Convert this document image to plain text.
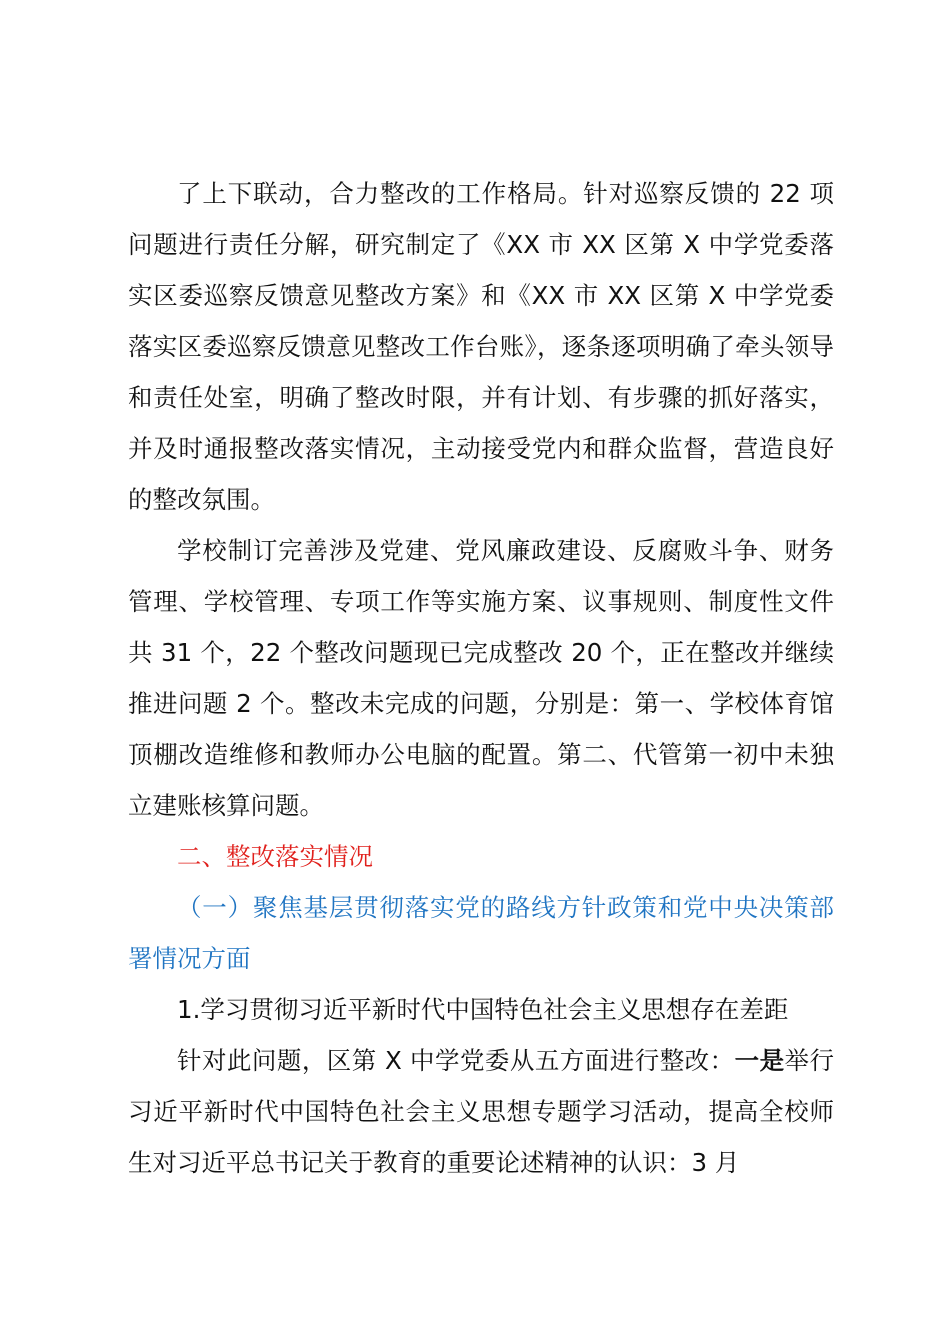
了上下联动，合力整改的工作格局。针对巡察反馈的 22 项问题进行责任分解，研究制定了《XX 市 XX 区第 X 中学党委落实区委巡察反馈意见整改方案》和《XX 市 XX 区第 X 中学党委落实区委巡察反馈意见整改工作台账》，逐条逐项明确了牵头领导和责任处室，明确了整改时限，并有计划、有步骤的抓好落实，并及时通报整改落实情况，主动接受党内和群众监督，营造良好的整改氛围。

学校制订完善涉及党建、党风廉政建设、反腐败斗争、财务管理、学校管理、专项工作等实施方案、议事规则、制度性文件共 31 个，22 个整改问题现已完成整改 20 个，正在整改并继续推进问题 2 个。整改未完成的问题，分别是：第一、学校体育馆顶棚改造维修和教师办公电脑的配置。第二、代管第一初中未独立建账核算问题。

二、整改落实情况

（一）聚焦基层贯彻落实党的路线方针政策和党中央决策部署情况方面

1.学习贯彻习近平新时代中国特色社会主义思想存在差距

针对此问题，区第 X 中学党委从五方面进行整改：一是举行习近平新时代中国特色社会主义思想专题学习活动，提高全校师生对习近平总书记关于教育的重要论述精神的认识：3 月
